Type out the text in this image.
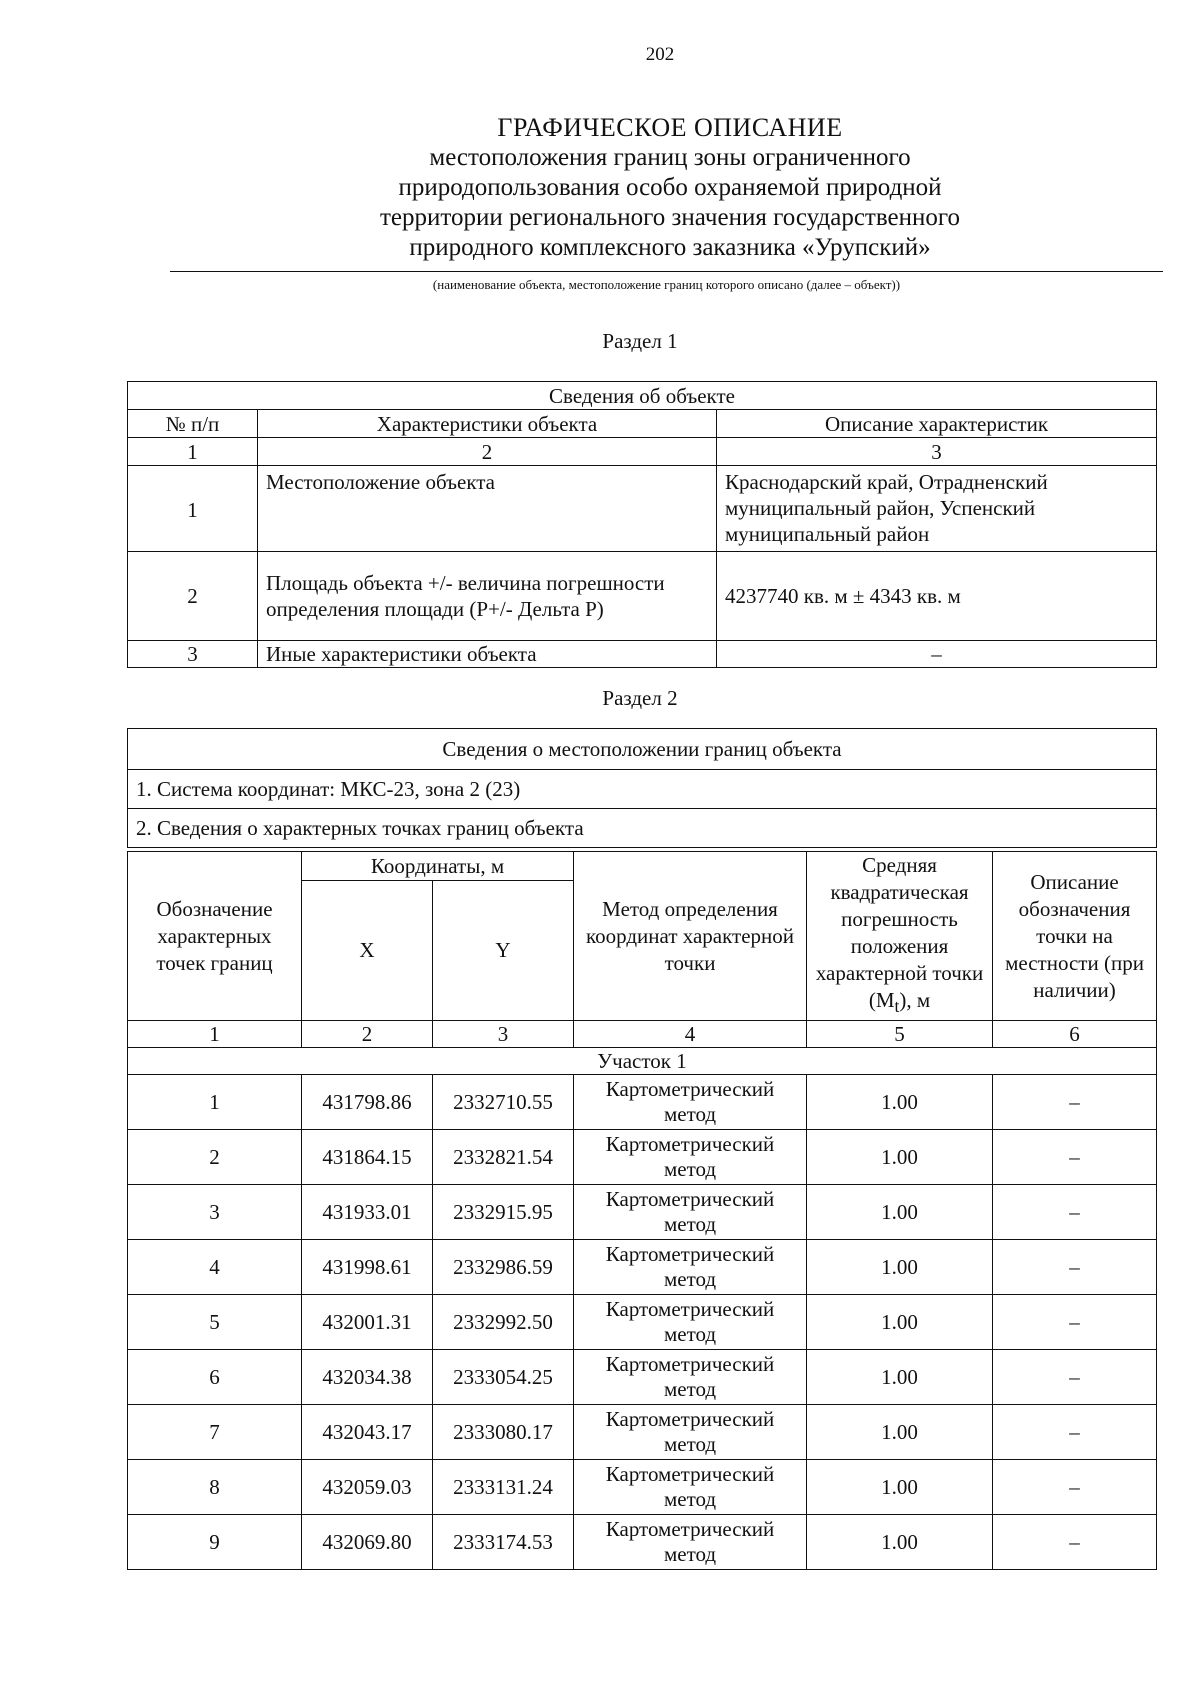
202
ГРАФИЧЕСКОЕ ОПИСАНИЕ
местоположения границ зоны ограниченного
природопользования особо охраняемой природной
территории регионального значения государственного
природного комплексного заказника «Урупский»
(наименование объекта, местоположение границ которого описано (далее – объект))
Раздел 1
Сведения об объекте		
№ п/п	Характеристики объекта	Описание характеристик
1	2	3
1	Местоположение объекта	Краснодарский край, Отрадненский муниципальный район, Успенский муниципальный район
2	Площадь объекта +/- величина погрешности определения площади (P+/- Дельта P)	4237740 кв. м ± 4343 кв. м
3	Иные характеристики объекта	–
Раздел 2
Сведения о местоположении границ объекта
1. Система координат: МКС-23, зона 2 (23)
2. Сведения о характерных точках границ объекта
Обозначение характерных точек границ	Координаты, м		Метод определения координат характерной точки	Средняя квадратическая погрешность положения характерной точки $(M_t)$, м	Описание обозначения точки на местности (при наличии)
	X	Y			
1	2	3	4	5	6
Участок 1					
1	431798.86	2332710.55	Картометрический метод	1.00	–
2	431864.15	2332821.54	Картометрический метод	1.00	–
3	431933.01	2332915.95	Картометрический метод	1.00	–
4	431998.61	2332986.59	Картометрический метод	1.00	–
5	432001.31	2332992.50	Картометрический метод	1.00	–
6	432034.38	2333054.25	Картометрический метод	1.00	–
7	432043.17	2333080.17	Картометрический метод	1.00	–
8	432059.03	2333131.24	Картометрический метод	1.00	–
9	432069.80	2333174.53	Картометрический метод	1.00	–
